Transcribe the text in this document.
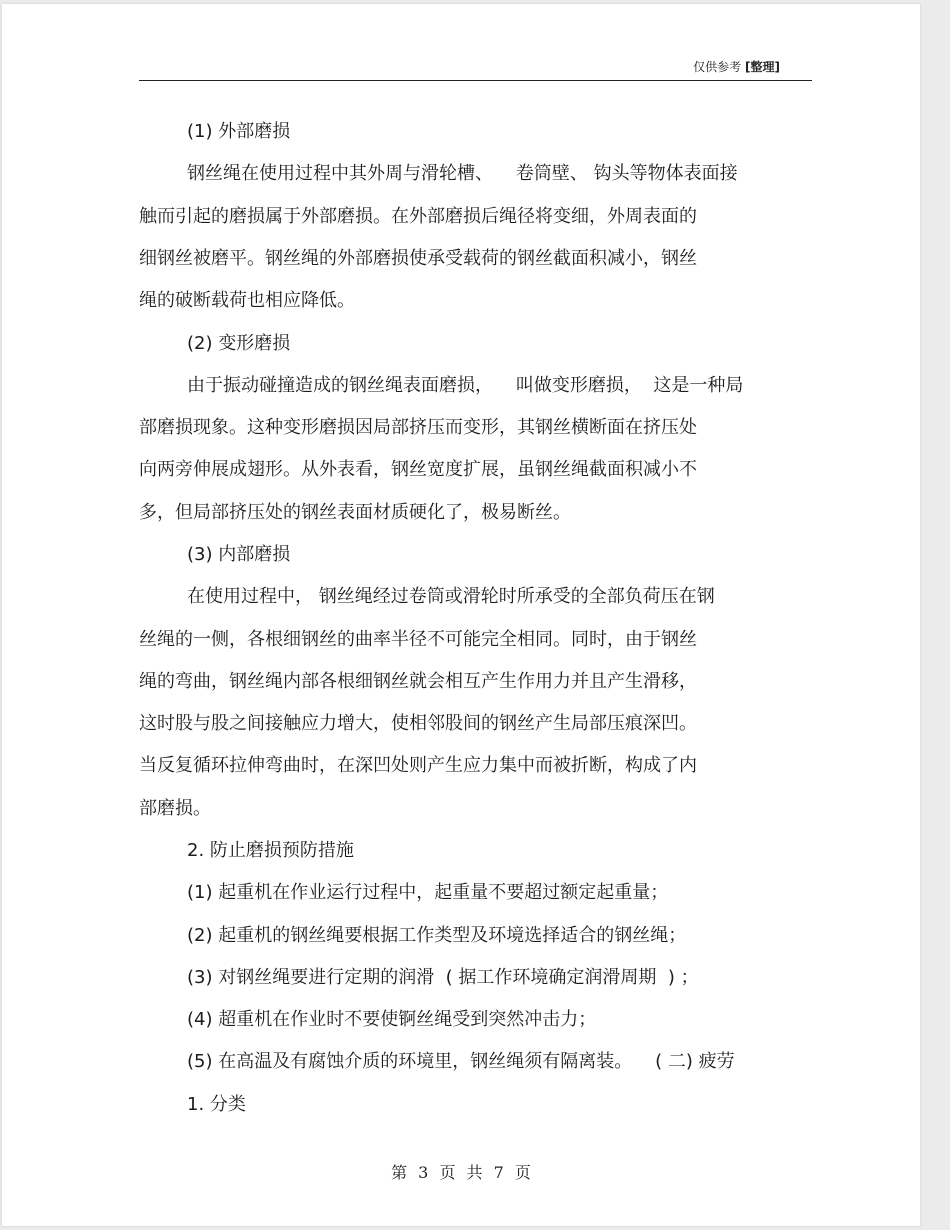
仅供参考 [整理]
(1) 外部磨损
钢丝绳在使用过程中其外周与滑轮槽、    卷筒壁、 钩头等物体表面接
触而引起的磨损属于外部磨损。在外部磨损后绳径将变细，外周表面的
细钢丝被磨平。钢丝绳的外部磨损使承受载荷的钢丝截面积减小，钢丝
绳的破断载荷也相应降低。
(2) 变形磨损
由于振动碰撞造成的钢丝绳表面磨损，    叫做变形磨损，  这是一种局
部磨损现象。这种变形磨损因局部挤压而变形，其钢丝横断面在挤压处
向两旁伸展成翅形。从外表看，钢丝宽度扩展，虽钢丝绳截面积减小不
多，但局部挤压处的钢丝表面材质硬化了，极易断丝。
(3) 内部磨损
在使用过程中， 钢丝绳经过卷筒或滑轮时所承受的全部负荷压在钢
丝绳的一侧，各根细钢丝的曲率半径不可能完全相同。同时，由于钢丝
绳的弯曲，钢丝绳内部各根细钢丝就会相互产生作用力并且产生滑移，
这时股与股之间接触应力增大，使相邻股间的钢丝产生局部压痕深凹。
当反复循环拉伸弯曲时，在深凹处则产生应力集中而被折断，构成了内
部磨损。
2. 防止磨损预防措施
(1) 起重机在作业运行过程中，起重量不要超过额定起重量；
(2) 起重机的钢丝绳要根据工作类型及环境选择适合的钢丝绳；
(3) 对钢丝绳要进行定期的润滑  ( 据工作环境确定润滑周期  ) ；
(4) 超重机在作业时不要使锕丝绳受到突然冲击力；
(5) 在高温及有腐蚀介质的环境里，钢丝绳须有隔离装。    ( 二) 疲劳
1. 分类
第 3 页 共 7 页
